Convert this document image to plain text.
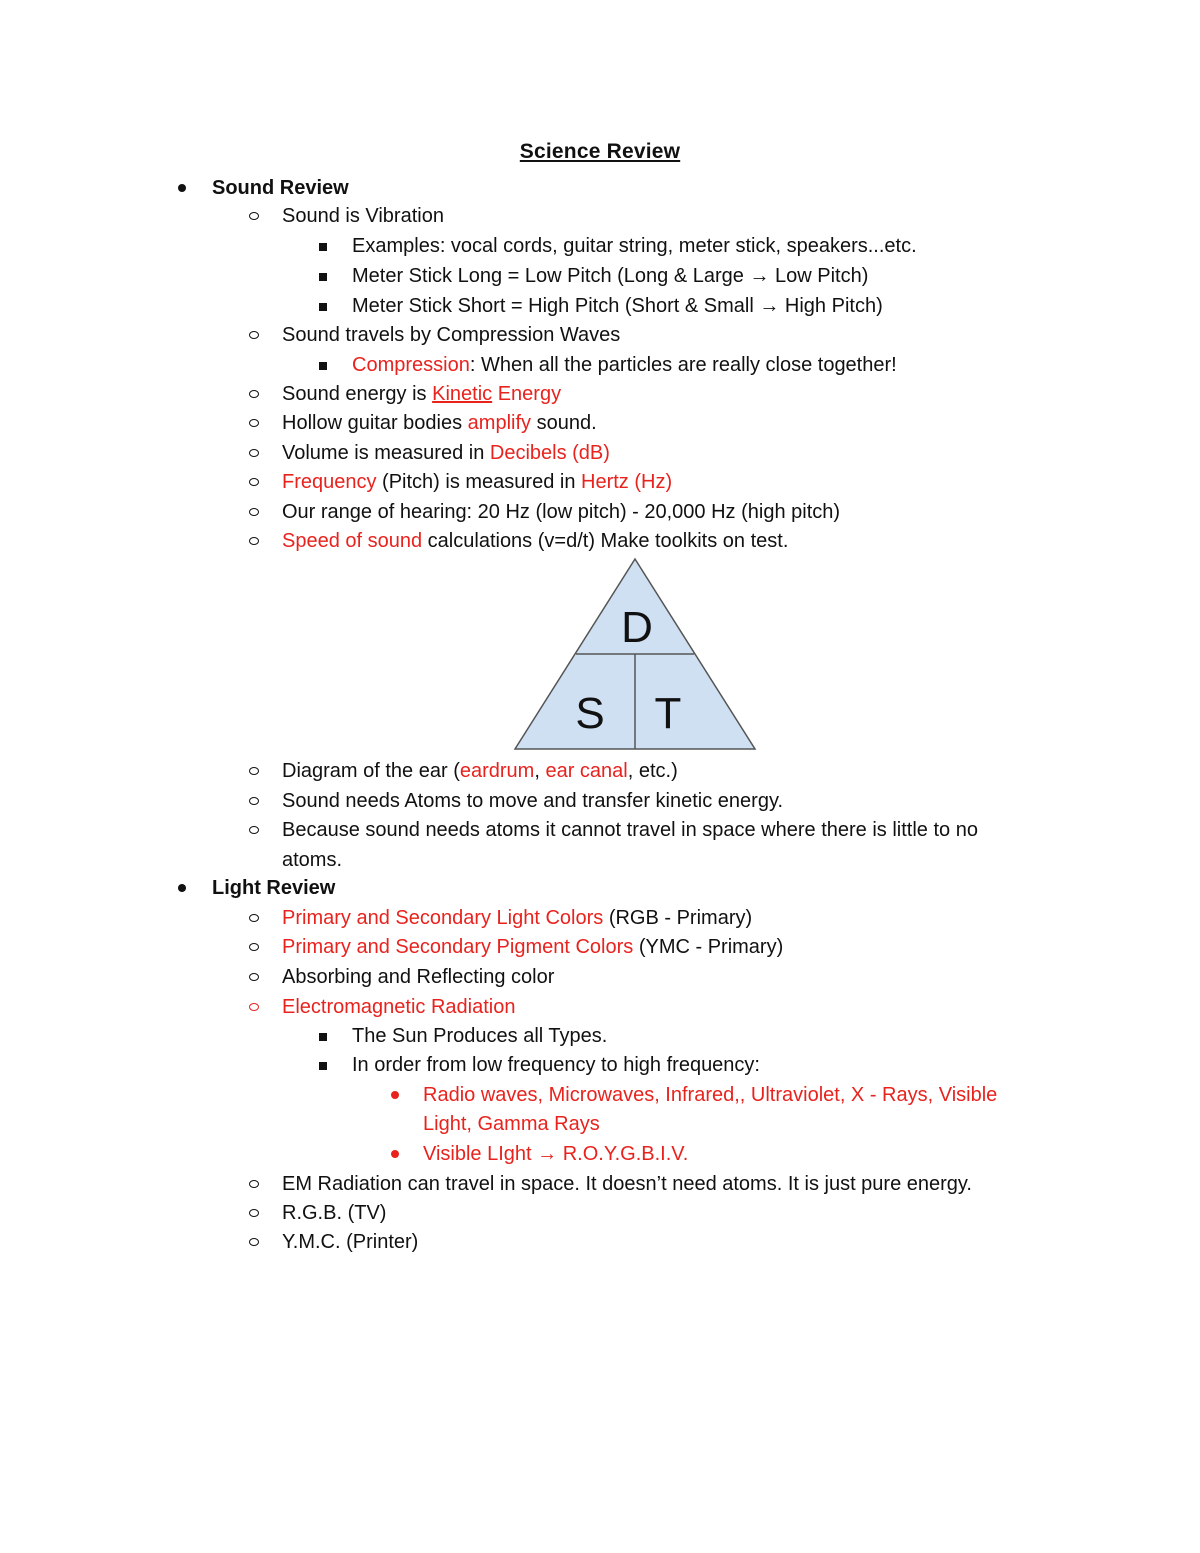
Science Review
Sound Review
Sound is Vibration
Examples: vocal cords, guitar string, meter stick, speakers...etc.
Meter Stick Long = Low Pitch (Long & Large → Low Pitch)
Meter Stick Short = High Pitch (Short & Small → High Pitch)
Sound travels by Compression Waves
Compression: When all the particles are really close together!
Sound energy is Kinetic Energy
Hollow guitar bodies amplify sound.
Volume is measured in Decibels (dB)
Frequency (Pitch) is measured in Hertz (Hz)
Our range of hearing: 20 Hz (low pitch) - 20,000 Hz (high pitch)
Speed of sound calculations (v=d/t) Make toolkits on test.
D
S T
Diagram of the ear (eardrum, ear canal, etc.)
Sound needs Atoms to move and transfer kinetic energy.
Because sound needs atoms it cannot travel in space where there is little to no
atoms.
Light Review
Primary and Secondary Light Colors (RGB - Primary)
Primary and Secondary Pigment Colors (YMC - Primary)
Absorbing and Reflecting color
Electromagnetic Radiation
The Sun Produces all Types.
In order from low frequency to high frequency:
Radio waves, Microwaves, Infrared,, Ultraviolet, X - Rays, Visible
Light, Gamma Rays
Visible LIght → R.O.Y.G.B.I.V.
EM Radiation can travel in space. It doesn’t need atoms. It is just pure energy.
R.G.B. (TV)
Y.M.C. (Printer)
